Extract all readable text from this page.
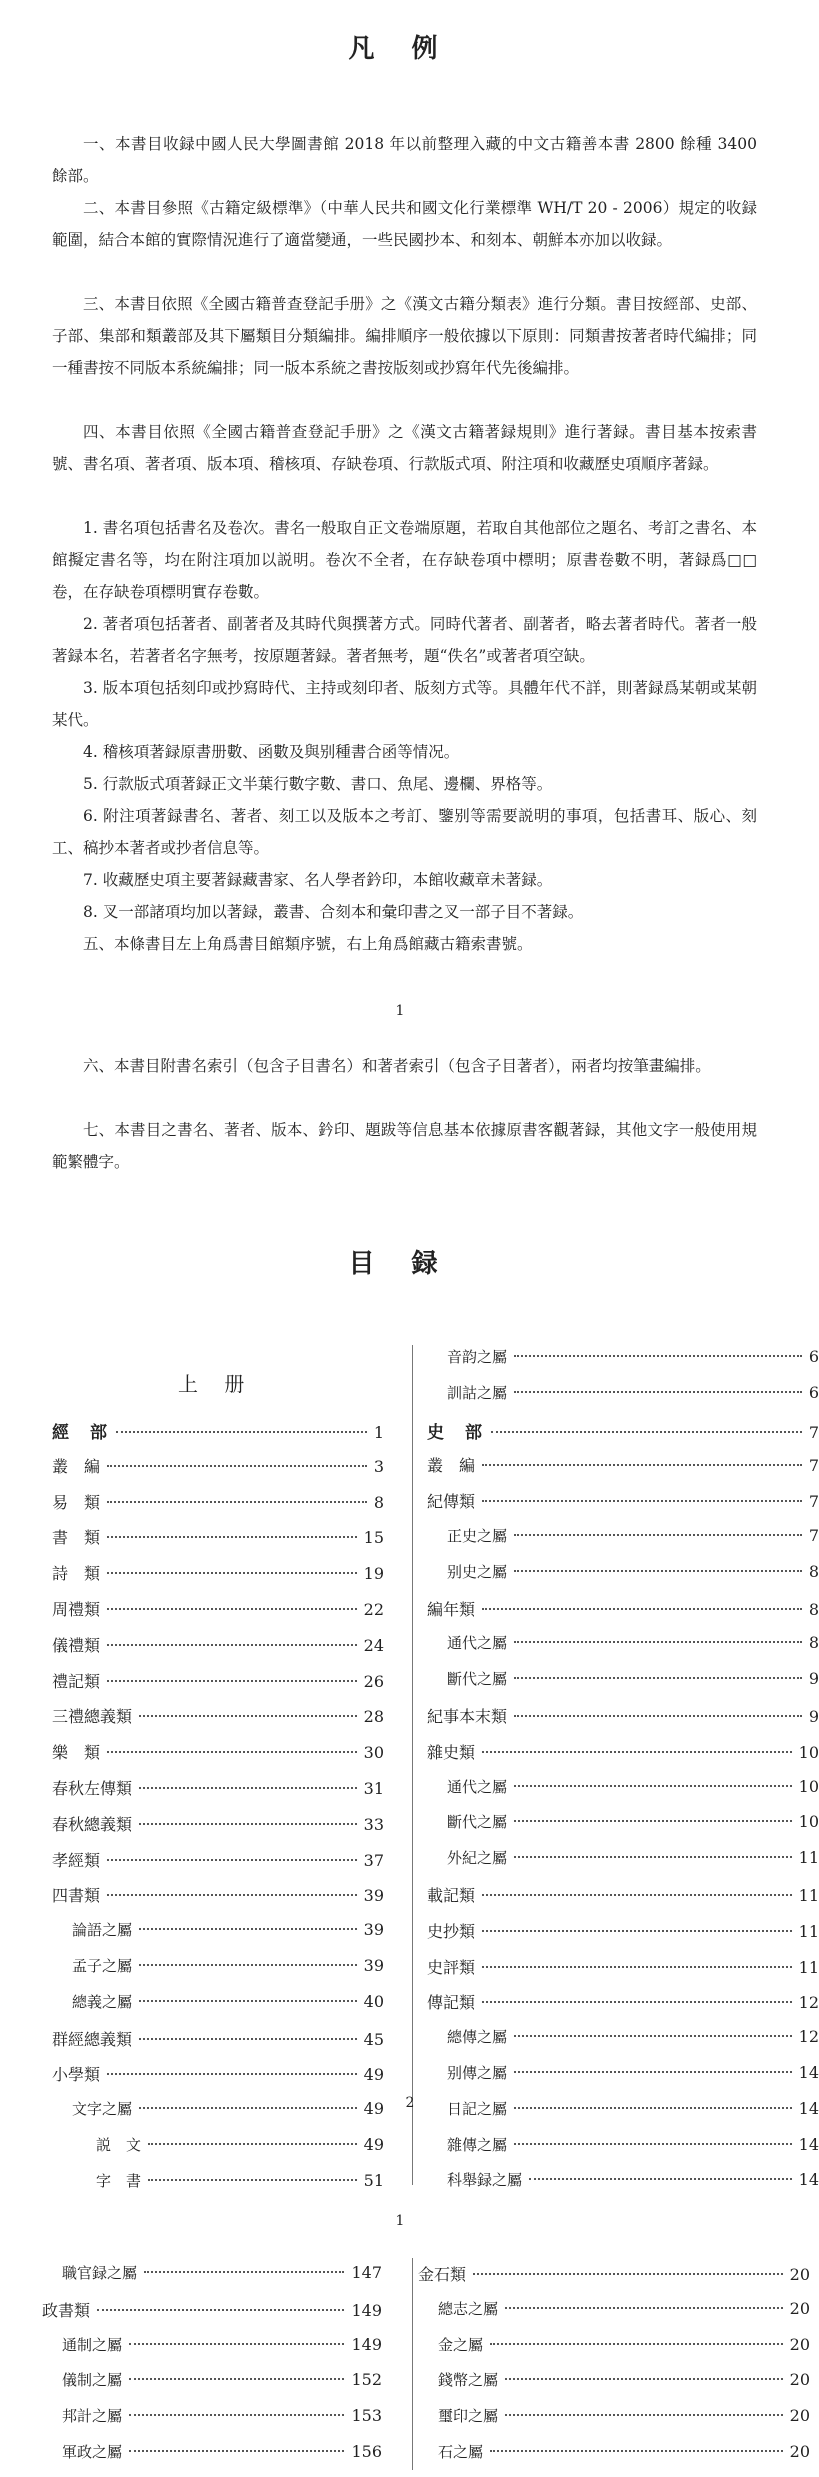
凡 例
一、本書目收録中國人民大學圖書館 2018 年以前整理入藏的中文古籍善本書 2800 餘種 3400 餘部。
二、本書目參照《古籍定級標準》（中華人民共和國文化行業標準 WH/T 20 - 2006）規定的收録範圍，結合本館的實際情況進行了適當變通，一些民國抄本、和刻本、朝鮮本亦加以收録。
三、本書目依照《全國古籍普查登記手册》之《漢文古籍分類表》進行分類。書目按經部、史部、子部、集部和類叢部及其下屬類目分類編排。編排順序一般依據以下原則：同類書按著者時代編排；同一種書按不同版本系統編排；同一版本系統之書按版刻或抄寫年代先後編排。
四、本書目依照《全國古籍普查登記手册》之《漢文古籍著録規則》進行著録。書目基本按索書號、書名項、著者項、版本項、稽核項、存缺卷項、行款版式項、附注項和收藏歷史項順序著録。
1. 書名項包括書名及卷次。書名一般取自正文卷端原題，若取自其他部位之題名、考訂之書名、本館擬定書名等，均在附注項加以説明。卷次不全者，在存缺卷項中標明；原書卷數不明，著録爲□□卷，在存缺卷項標明實存卷數。
2. 著者項包括著者、副著者及其時代與撰著方式。同時代著者、副著者，略去著者時代。著者一般著録本名，若著者名字無考，按原題著録。著者無考，題“佚名”或著者項空缺。
3. 版本項包括刻印或抄寫時代、主持或刻印者、版刻方式等。具體年代不詳，則著録爲某朝或某朝某代。
4. 稽核項著録原書册數、函數及與别種書合函等情况。
5. 行款版式項著録正文半葉行數字數、書口、魚尾、邊欄、界格等。
6. 附注項著録書名、著者、刻工以及版本之考訂、鑒别等需要説明的事項，包括書耳、版心、刻工、稿抄本著者或抄者信息等。
7. 收藏歷史項主要著録藏書家、名人學者鈐印，本館收藏章未著録。
8. 叉一部諸項均加以著録，叢書、合刻本和彙印書之叉一部子目不著録。
五、本條書目左上角爲書目館類序號，右上角爲館藏古籍索書號。
1
六、本書目附書名索引（包含子目書名）和著者索引（包含子目著者），兩者均按筆畫編排。
七、本書目之書名、著者、版本、鈐印、題跋等信息基本依據原書客觀著録，其他文字一般使用規範繁體字。
目 録
上 册
經　部	1
叢　編	3
易　類	8
書　類	15
詩　類	19
周禮類	22
儀禮類	24
禮記類	26
三禮總義類	28
樂　類	30
春秋左傳類	31
春秋總義類	33
孝經類	37
四書類	39
論語之屬	39
孟子之屬	39
總義之屬	40
群經總義類	45
小學類	49
文字之屬	49
説　文	49
字　書	51
音韵之屬	6
訓詁之屬	6
史　部	7
叢　編	7
紀傳類	7
正史之屬	7
别史之屬	8
編年類	8
通代之屬	8
斷代之屬	9
紀事本末類	9
雜史類	10
通代之屬	10
斷代之屬	10
外紀之屬	11
載記類	11
史抄類	11
史評類	11
傳記類	12
總傳之屬	12
别傳之屬	14
日記之屬	14
雜傳之屬	14
科舉録之屬	14
2
1
職官録之屬	147
政書類	149
通制之屬	149
儀制之屬	152
邦計之屬	153
軍政之屬	156
金石類	20
總志之屬	20
金之屬	20
錢幣之屬	20
璽印之屬	20
石之屬	20
